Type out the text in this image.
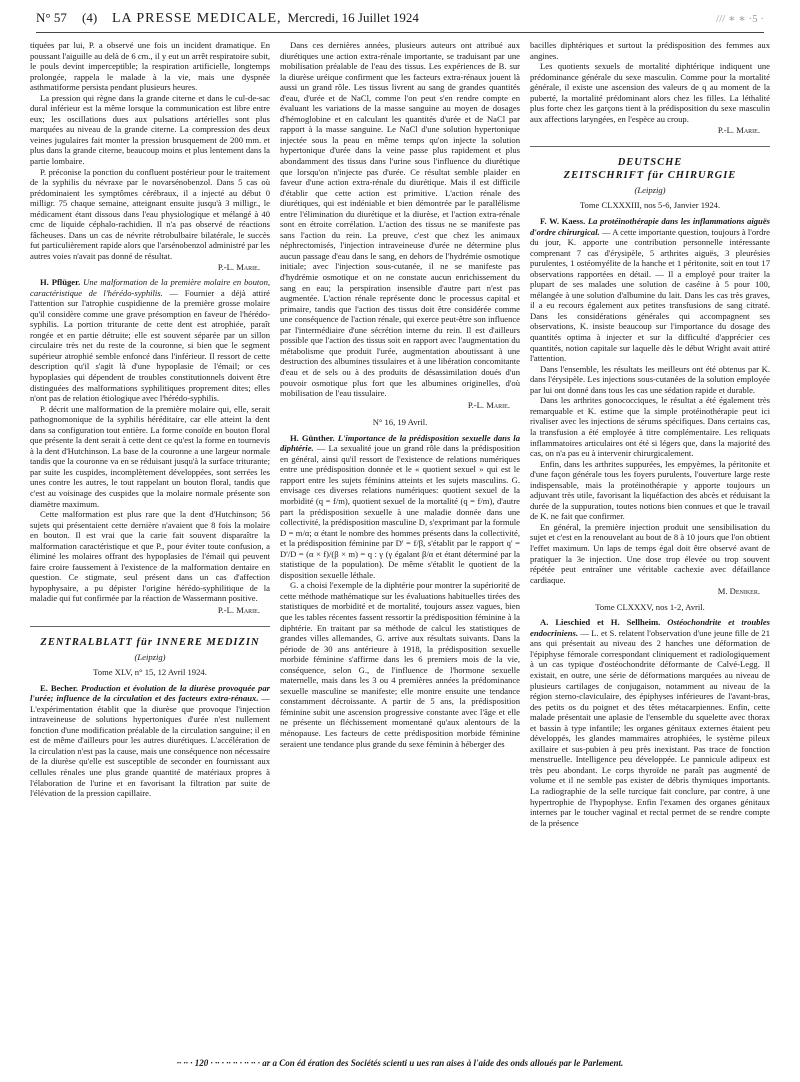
N° 57	(4)	LA PRESSE MEDICALE, Mercredi, 16 Juillet 1924	/// ∗ ∗ ·5 ·

tiquées par lui, P. a observé une fois un incident dramatique. En poussant l'aiguille au delà de 6 cm., il y eut un arrêt respiratoire subit, le pouls devint imperceptible; la respiration artificielle, longtemps prolongée, rappela le malade à la vie, mais une dyspnée asthmatiforme persista pendant plusieurs heures.

La pression qui règne dans la grande citerne et dans le cul-de-sac dural inférieur est la même lorsque la communication est libre entre eux; les oscillations dues aux pulsations artérielles sont plus marquées au niveau de la grande citerne. La compression des deux veines jugulaires fait monter la pression brusquement de 200 mm. et plus dans la grande citerne, beaucoup moins et plus lentement dans la partie lombaire.

P. préconise la ponction du confluent postérieur pour le traitement de la syphilis du névraxe par le novarsénobenzol. Dans 5 cas où prédominaient les symptômes cérébraux, il a injecté au début 0 milligr. 75 chaque semaine, atteignant ensuite jusqu'à 3 milligr., le médicament étant dissous dans l'eau physiologique et mélangé à 40 cmc de liquide céphalo-rachidien. Il n'a pas observé de réactions fâcheuses. Dans un cas de névrite rétrobulbaire bilatérale, le succès fut particulièrement rapide alors que l'arsénobenzol administré par les autres voies n'avait pas donné de résultat.

P.-L. Marie.

H. Pflüger. Une malformation de la première molaire en bouton, caractéristique de l'hérédo-syphilis. — Fournier a déjà attiré l'attention sur l'atrophie cuspidienne de la première grosse molaire qu'il considère comme une grave présomption en faveur de l'hérédo-syphilis. La portion triturante de cette dent est atrophiée, paraît rongée et en partie détruite; elle est souvent séparée par un sillon circulaire très net du reste de la couronne, si bien que le segment supérieur atrophié semble enfoncé dans l'inférieur. Il ressort de cette description qu'il s'agit là d'une hypoplasie de l'émail; or ces hypoplasies qui dépendent de troubles constitutionnels doivent être distinguées des malformations syphilitiques proprement dites; elles n'ont pas de relation étiologique avec l'hérédo-syphilis.

P. décrit une malformation de la première molaire qui, elle, serait pathognomonique de la syphilis héréditaire, car elle atteint la dent dans sa configuration tout entière. La forme conoïde en bouton floral que présente la dent serait à cette dent ce qu'est la forme en tournevis à la dent d'Hutchinson. La base de la couronne a une largeur normale tandis que la couronne va en se réduisant jusqu'à la surface triturante; par suite les cuspides, incomplètement développées, sont serrées les unes contre les autres, le tout rappelant un bouton floral, tandis que c'est au voisinage des cuspides que la molaire normale présente son diamètre maximum.

Cette malformation est plus rare que la dent d'Hutchinson; 56 sujets qui présentaient cette dernière n'avaient que 8 fois la molaire en bouton. Il est vrai que la carie fait souvent disparaître la malformation caractéristique et que P., pour éviter toute confusion, a éliminé les molaires offrant des hypoplasies de l'émail qui peuvent faire croire faussement à l'existence de la malformation dentaire en question. Ce stigmate, seul présent dans un cas d'affection hypophysaire, a pu dépister l'origine hérédo-syphilitique de la maladie qui fut confirmée par la réaction de Wassermann positive.

P.-L. Marie.
ZENTRALBLATT für INNERE MEDIZIN
(Leipzig)
Tome XLV, n° 15, 12 Avril 1924.

E. Becher. Production et évolution de la diurèse provoquée par l'urée; influence de la circulation et des facteurs extra-rénaux. — L'expérimentation établit que la diurèse que provoque l'injection intraveineuse de solutions hypertoniques d'urée n'est nullement fonction d'une modification préalable de la circulation sanguine; il en est de même d'ailleurs pour les autres diurétiques. L'accélération de la circulation n'est pas la cause, mais une conséquence non nécessaire de la diurèse qu'elle est susceptible de seconder en fournissant aux cellules rénales une plus grande quantité de matériaux propres à l'élaboration de l'urine et en favorisant la filtration par suite de l'élévation de la pression capillaire.

Dans ces dernières années, plusieurs auteurs ont attribué aux diurétiques une action extra-rénale importante, se traduisant par une mobilisation préalable de l'eau des tissus. Les expériences de B. sur la diurèse uréique confirment que les facteurs extra-rénaux jouent là aussi un grand rôle. Les tissus livrent au sang de grandes quantités d'eau, d'urée et de NaCl, comme l'on peut s'en rendre compte en évaluant les variations de la masse sanguine au moyen de dosages d'hémoglobine et en calculant les quantités d'urée et de NaCl par rapport à la masse sanguine. Le NaCl d'une solution hypertonique injectée sous la peau en même temps qu'on injecte la solution hypertonique d'urée dans la veine passe plus rapidement et plus abondamment des tissus dans l'urine sous l'influence du diurétique que lorsqu'on n'injecte pas d'urée. Ce résultat semble plaider en faveur d'une action extra-rénale du diurétique. Mais il est difficile d'établir que cette action est primitive. L'action rénale des diurétiques, qui est indéniable et bien démontrée par le parallélisme entre l'élimination du diurétique et la diurèse, et l'action extra-rénale sont en étroite corrélation. L'action des tissus ne se manifeste pas sans l'action du rein. La preuve, c'est que chez les animaux néphrectomisés, l'injection intraveineuse d'urée ne détermine plus aucun passage d'eau dans le sang, en dehors de l'hydrémie osmotique initiale; avec l'injection sous-cutanée, il ne se manifeste pas d'hydrémie osmotique et on ne constate aucun enrichissement du sang en eau; la perspiration insensible d'autre part n'est pas augmentée. L'action rénale représente donc le processus capital et primaire, tandis que l'action des tissus doit être considérée comme une conséquence de l'action rénale, qui exerce peut-être son influence par l'intermédiaire d'une sécrétion interne du rein. Il est d'ailleurs possible que l'action des tissus soit en rapport avec l'augmentation du métabolisme que produit l'urée, augmentation aboutissant à une destruction des albumines tissulaires et à une libération concomitante d'eau et de sels ou à des produits de désassimilation doués d'un pouvoir osmotique plus fort que les albumines originelles, d'où mobilisation de l'eau tissulaire.

P.-L. Marie.
N° 16, 19 Avril.

H. Günther. L'importance de la prédisposition sexuelle dans la diphtérie. — La sexualité joue un grand rôle dans la prédisposition en général, ainsi qu'il ressort de l'existence de relations numériques entre une prédisposition donnée et le « quotient sexuel » qui est le rapport entre les sujets féminins atteints et les sujets masculins. G. envisage ces diverses relations numériques: quotient sexuel de la morbidité (q = f/m), quotient sexuel de la mortalité (q = f/m), d'autre part la prédisposition sexuelle à une maladie donnée dans une collectivité, la prédisposition masculine D, s'exprimant par la formule D = m/α; α étant le nombre des hommes présents dans la collectivité, et la prédisposition féminine par D' = f/β, s'établit par le rapport q' = D'/D = (α × f)/(β × m) = q : γ (γ égalant β/α et étant déterminé par la statistique de la population). De même s'établit le quotient de la disposition sexuelle léthale.

G. a choisi l'exemple de la diphtérie pour montrer la supériorité de cette méthode mathématique sur les évaluations habituelles tirées des statistiques de morbidité et de mortalité, toujours assez vagues, bien que les tables récentes fassent ressortir la prédisposition féminine à la diphtérie. En traitant par sa méthode de calcul les statistiques de grandes villes allemandes, G. arrive aux résultats suivants. Dans la période de 30 ans antérieure à 1918, la prédisposition sexuelle morbide féminine s'affirme dans les 6 premiers mois de la vie, conséquence, selon G., de l'influence de l'hormone sexuelle maternelle, mais dans les 3 ou 4 premières années la prédominance sexuelle masculine se manifeste; elle montre ensuite une tendance constamment décroissante. A partir de 5 ans, la prédisposition féminine subit une ascension progressive constante avec l'âge et elle ne présente un fléchissement momentané qu'aux alentours de la ménopause. Les facteurs de cette prédisposition morbide féminine seraient une tendance plus grande du sexe féminin à héberger des

bacilles diphtériques et surtout la prédisposition des femmes aux angines.

Les quotients sexuels de mortalité diphtérique indiquent une prédominance générale du sexe masculin. Comme pour la mortalité générale, il existe une ascension des valeurs de q au moment de la puberté, la mortalité prédominant alors chez les filles. La léthalité plus forte chez les garçons tient à la prédisposition du sexe masculin aux affections laryngées, en l'espèce au croup.

P.-L. Marie.
DEUTSCHE
ZEITSCHRIFT für CHIRURGIE
(Leipzig)
Tome CLXXXIII, nos 5-6, Janvier 1924.

F. W. Kaess. La protéinothérapie dans les inflammations aiguës d'ordre chirurgical. — A cette importante question, toujours à l'ordre du jour, K. apporte une contribution personnelle intéressante comprenant 7 cas d'érysipèle, 5 arthrites aiguës, 3 pleurésies purulentes, 1 ostéomyélite de la hanche et 1 péritonite, soit en tout 17 observations rapportées en détail. — Il a employé pour traiter la plupart de ses malades une solution de caséine à 5 pour 100, mélangée à une solution d'albumine du lait. Dans les cas très graves, il a eu recours également aux petites transfusions de sang citraté. Dans les considérations générales qui accompagnent ses observations, K. insiste beaucoup sur l'importance du dosage des quantités optima à injecter et sur la difficulté d'apprécier ces quantités, notion capitale sur laquelle dès le début Wright avait attiré l'attention.

Dans l'ensemble, les résultats les meilleurs ont été obtenus par K. dans l'érysipèle. Les injections sous-cutanées de la solution employée par lui ont donné dans tous les cas une sédation rapide et durable.

Dans les arthrites gonococciques, le résultat a été également très remarquable et K. estime que la simple protéinothérapie peut ici rivaliser avec les injections de sérums spécifiques. Dans certains cas, la transfusion a été employée à titre complémentaire. Les reliquats inflammatoires articulaires ont été si légers que, dans la majorité des cas, on n'a pas eu à intervenir chirurgicalement.

Enfin, dans les arthrites suppurées, les empyèmes, la péritonite et d'une façon générale tous les foyers purulents, l'ouverture large reste indispensable, mais la protéinothérapie y apporte toujours un adjuvant très utile, favorisant la liquéfaction des abcès et réduisant la durée de la suppuration, toutes notions bien connues et que le travail de K. ne fait que confirmer.

En général, la première injection produit une sensibilisation du sujet et c'est en la renouvelant au bout de 8 à 10 jours que l'on obtient l'effet maximum. Un laps de temps égal doit être observé avant de pratiquer la 3e injection. Une dose trop élevée ou trop souvent répétée peut entraîner une véritable cachexie avec défaillance cardiaque.

M. Deniker.
Tome CLXXXV, nos 1-2, Avril.

A. Lieschied et H. Sellheim. Ostéochondrite et troubles endocriniens. — L. et S. relatent l'observation d'une jeune fille de 21 ans qui présentait au niveau des 2 hanches une déformation de l'épiphyse fémorale correspondant cliniquement et radiologiquement à un cas typique d'ostéochondrite déformante de Calvé-Legg. Il existait, en outre, une série de déformations marquées au niveau de plusieurs cartilages de conjugaison, notamment au niveau de la région sterno-claviculaire, des épiphyses inférieures de l'avant-bras, des petits os du poignet et des têtes métacarpiennes. Enfin, cette malade présentait une aplasie de l'ensemble du squelette avec thorax et bassin à type infantile; les organes génitaux externes étaient peu développés, les glandes mammaires atrophiées, le système pileux axillaire et sus-pubien à peu près inexistant. Pas trace de fonction menstruelle. Intelligence peu développée. Le pannicule adipeux est très peu abondant. Le corps thyroïde ne paraît pas augmenté de volume et il ne semble pas exister de débris thymiques importants. La radiographie de la selle turcique fait conclure, par contre, à une hypertrophie de l'hypophyse. Enfin l'examen des organes génitaux internes par le toucher vaginal et rectal permet de se rendre compte de la présence

·· ·· · 120 · ·· · ·· ·· · ·· ·· · ar a Con éd ération des Sociétés scienti u ues ran aises à l'aide des onds alloués par le Parlement.
